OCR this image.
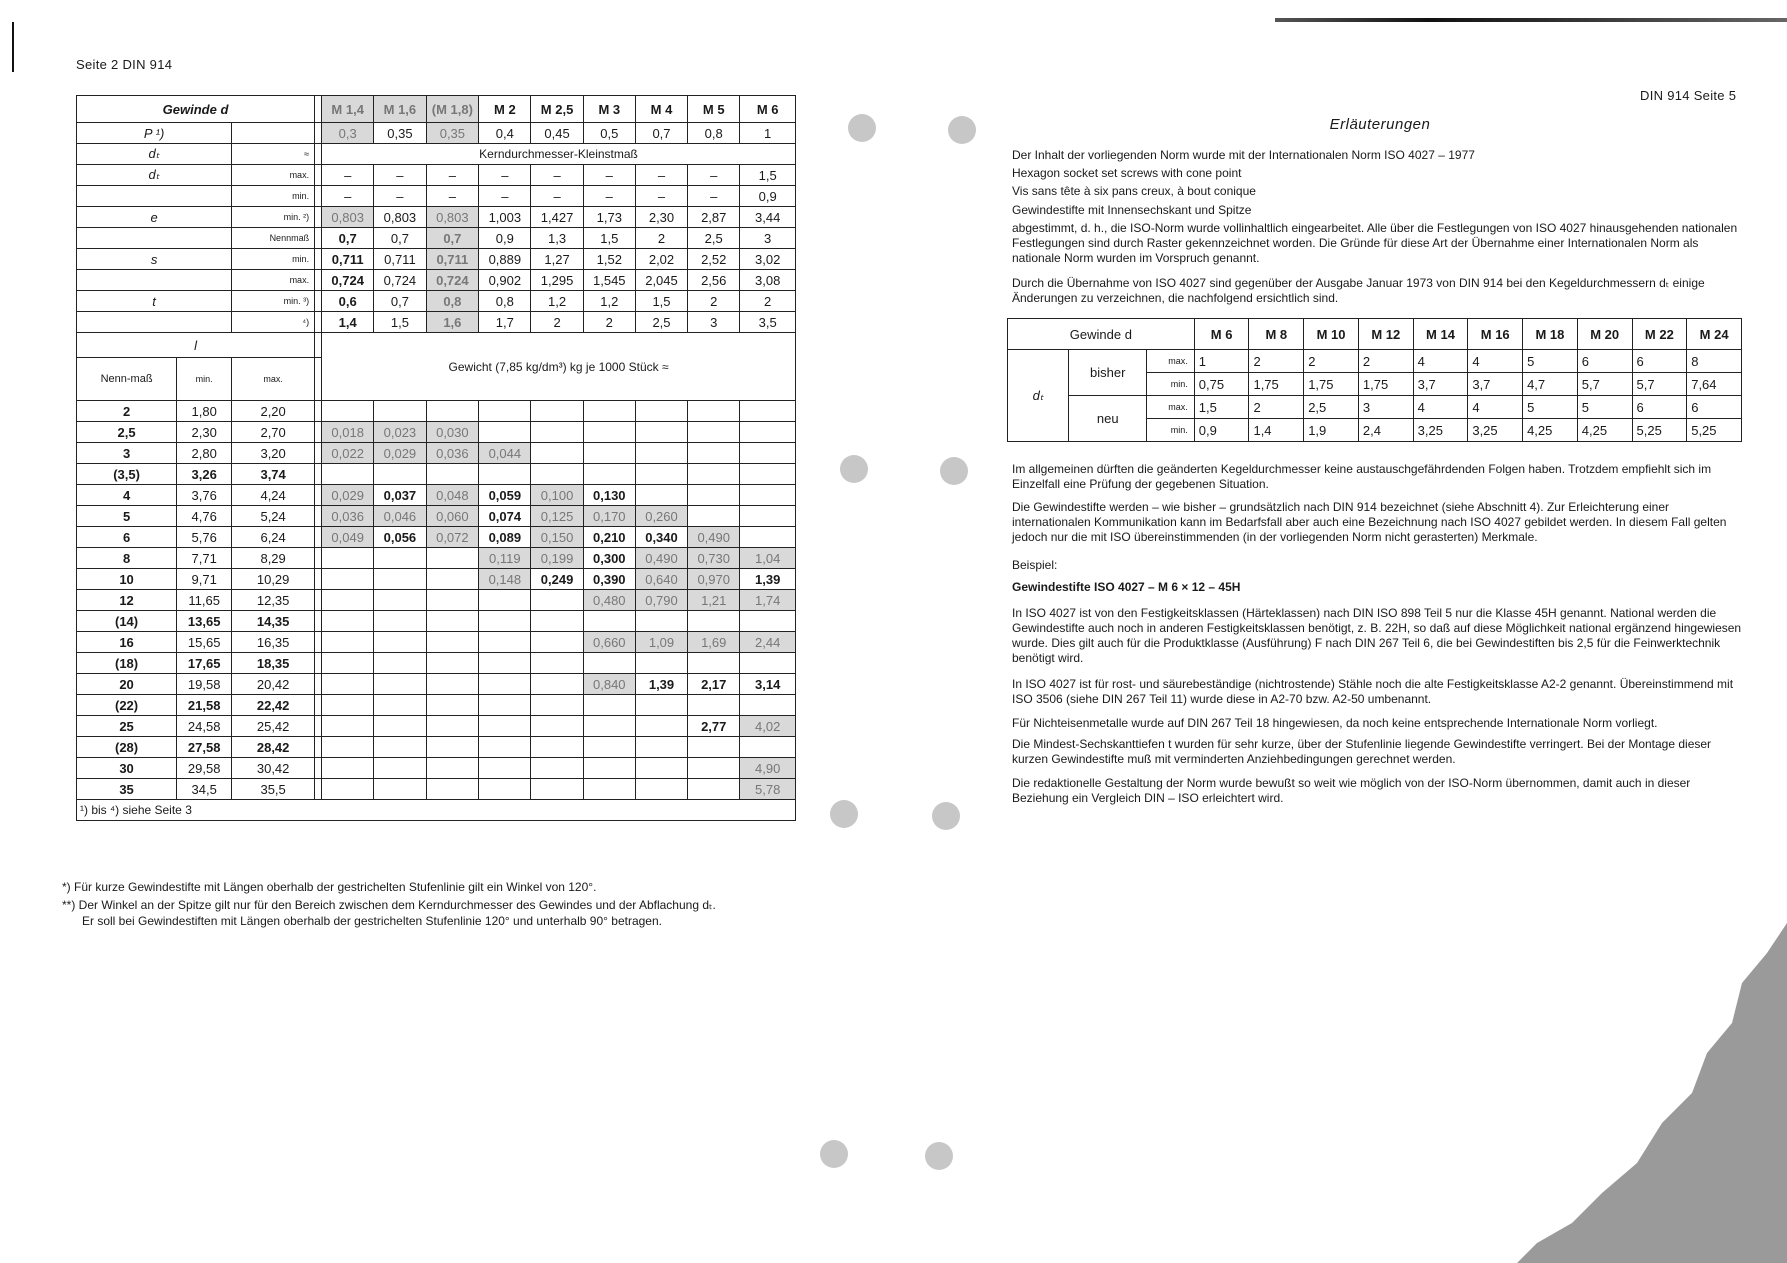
Seite 2 DIN 914
DIN 914 Seite 5
Gewinde d				M 1,4	M 1,6	(M 1,8)	M 2	M 2,5	M 3	M 4	M 5	M 6
P ¹)				0,3	0,35	0,35	0,4	0,45	0,5	0,7	0,8	1
dₜ		≈		Kerndurchmesser-Kleinstmaß								
dₜ		max.		–	–	–	–	–	–	–	–	1,5
		min.		–	–	–	–	–	–	–	–	0,9
e		min. ²)		0,803	0,803	0,803	1,003	1,427	1,73	2,30	2,87	3,44
		Nennmaß		0,7	0,7	0,7	0,9	1,3	1,5	2	2,5	3
s		min.		0,711	0,711	0,711	0,889	1,27	1,52	2,02	2,52	3,02
		max.		0,724	0,724	0,724	0,902	1,295	1,545	2,045	2,56	3,08
t		min. ³)		0,6	0,7	0,8	0,8	1,2	1,2	1,5	2	2
		⁴)		1,4	1,5	1,6	1,7	2	2	2,5	3	3,5
l				Gewicht (7,85 kg/dm³) kg je 1000 Stück ≈								
Nenn-maß	min.	max.										
2	1,80	2,20										
2,5	2,30	2,70		0,018	0,023	0,030						
3	2,80	3,20		0,022	0,029	0,036	0,044					
(3,5)	3,26	3,74										
4	3,76	4,24		0,029	0,037	0,048	0,059	0,100	0,130			
5	4,76	5,24		0,036	0,046	0,060	0,074	0,125	0,170	0,260		
6	5,76	6,24		0,049	0,056	0,072	0,089	0,150	0,210	0,340	0,490	
8	7,71	8,29					0,119	0,199	0,300	0,490	0,730	1,04
10	9,71	10,29					0,148	0,249	0,390	0,640	0,970	1,39
12	11,65	12,35							0,480	0,790	1,21	1,74
(14)	13,65	14,35										
16	15,65	16,35							0,660	1,09	1,69	2,44
(18)	17,65	18,35										
20	19,58	20,42							0,840	1,39	2,17	3,14
(22)	21,58	22,42										
25	24,58	25,42									2,77	4,02
(28)	27,58	28,42										
30	29,58	30,42										4,90
35	34,5	35,5										5,78
¹) bis ⁴) siehe Seite 3												
*) Für kurze Gewindestifte mit Längen oberhalb der gestrichelten Stufenlinie gilt ein Winkel von 120°.
**) Der Winkel an der Spitze gilt nur für den Bereich zwischen dem Kerndurchmesser des Gewindes und der Abflachung dₜ.
Er soll bei Gewindestiften mit Längen oberhalb der gestrichelten Stufenlinie 120° und unterhalb 90° betragen.
Erläuterungen
Der Inhalt der vorliegenden Norm wurde mit der Internationalen Norm ISO 4027 – 1977
Hexagon socket set screws with cone point
Vis sans tête à six pans creux, à bout conique
Gewindestifte mit Innensechskant und Spitze
abgestimmt, d. h., die ISO-Norm wurde vollinhaltlich eingearbeitet. Alle über die Festlegungen von ISO 4027 hinausgehenden nationalen Festlegungen sind durch Raster gekennzeichnet worden. Die Gründe für diese Art der Übernahme einer Internationalen Norm als nationale Norm wurden im Vorspruch genannt.
Durch die Übernahme von ISO 4027 sind gegenüber der Ausgabe Januar 1973 von DIN 914 bei den Kegeldurchmessern dₜ einige Änderungen zu verzeichnen, die nachfolgend ersichtlich sind.
Gewinde d			M 6	M 8	M 10	M 12	M 14	M 16	M 18	M 20	M 22	M 24
dₜ	bisher	max.	1	2	2	2	4	4	5	6	6	8
		min.	0,75	1,75	1,75	1,75	3,7	3,7	4,7	5,7	5,7	7,64
	neu	max.	1,5	2	2,5	3	4	4	5	5	6	6
		min.	0,9	1,4	1,9	2,4	3,25	3,25	4,25	4,25	5,25	5,25
Im allgemeinen dürften die geänderten Kegeldurchmesser keine austauschgefährdenden Folgen haben. Trotzdem empfiehlt sich im Einzelfall eine Prüfung der gegebenen Situation.
Die Gewindestifte werden – wie bisher – grundsätzlich nach DIN 914 bezeichnet (siehe Abschnitt 4). Zur Erleichterung einer internationalen Kommunikation kann im Bedarfsfall aber auch eine Bezeichnung nach ISO 4027 gebildet werden. In diesem Fall gelten jedoch nur die mit ISO übereinstimmenden (in der vorliegenden Norm nicht gerasterten) Merkmale.
Beispiel:
Gewindestifte ISO 4027 – M 6 × 12 – 45H
In ISO 4027 ist von den Festigkeitsklassen (Härteklassen) nach DIN ISO 898 Teil 5 nur die Klasse 45H genannt. National werden die Gewindestifte auch noch in anderen Festigkeitsklassen benötigt, z. B. 22H, so daß auf diese Möglichkeit national ergänzend hingewiesen wurde. Dies gilt auch für die Produktklasse (Ausführung) F nach DIN 267 Teil 6, die bei Gewindestiften bis 2,5 für die Feinwerktechnik benötigt wird.
In ISO 4027 ist für rost- und säurebeständige (nichtrostende) Stähle noch die alte Festigkeitsklasse A2-2 genannt. Übereinstimmend mit ISO 3506 (siehe DIN 267 Teil 11) wurde diese in A2-70 bzw. A2-50 umbenannt.
Für Nichteisenmetalle wurde auf DIN 267 Teil 18 hingewiesen, da noch keine entsprechende Internationale Norm vorliegt.
Die Mindest-Sechskanttiefen t wurden für sehr kurze, über der Stufenlinie liegende Gewindestifte verringert. Bei der Montage dieser kurzen Gewindestifte muß mit verminderten Anziehbedingungen gerechnet werden.
Die redaktionelle Gestaltung der Norm wurde bewußt so weit wie möglich von der ISO-Norm übernommen, damit auch in dieser Beziehung ein Vergleich DIN – ISO erleichtert wird.
